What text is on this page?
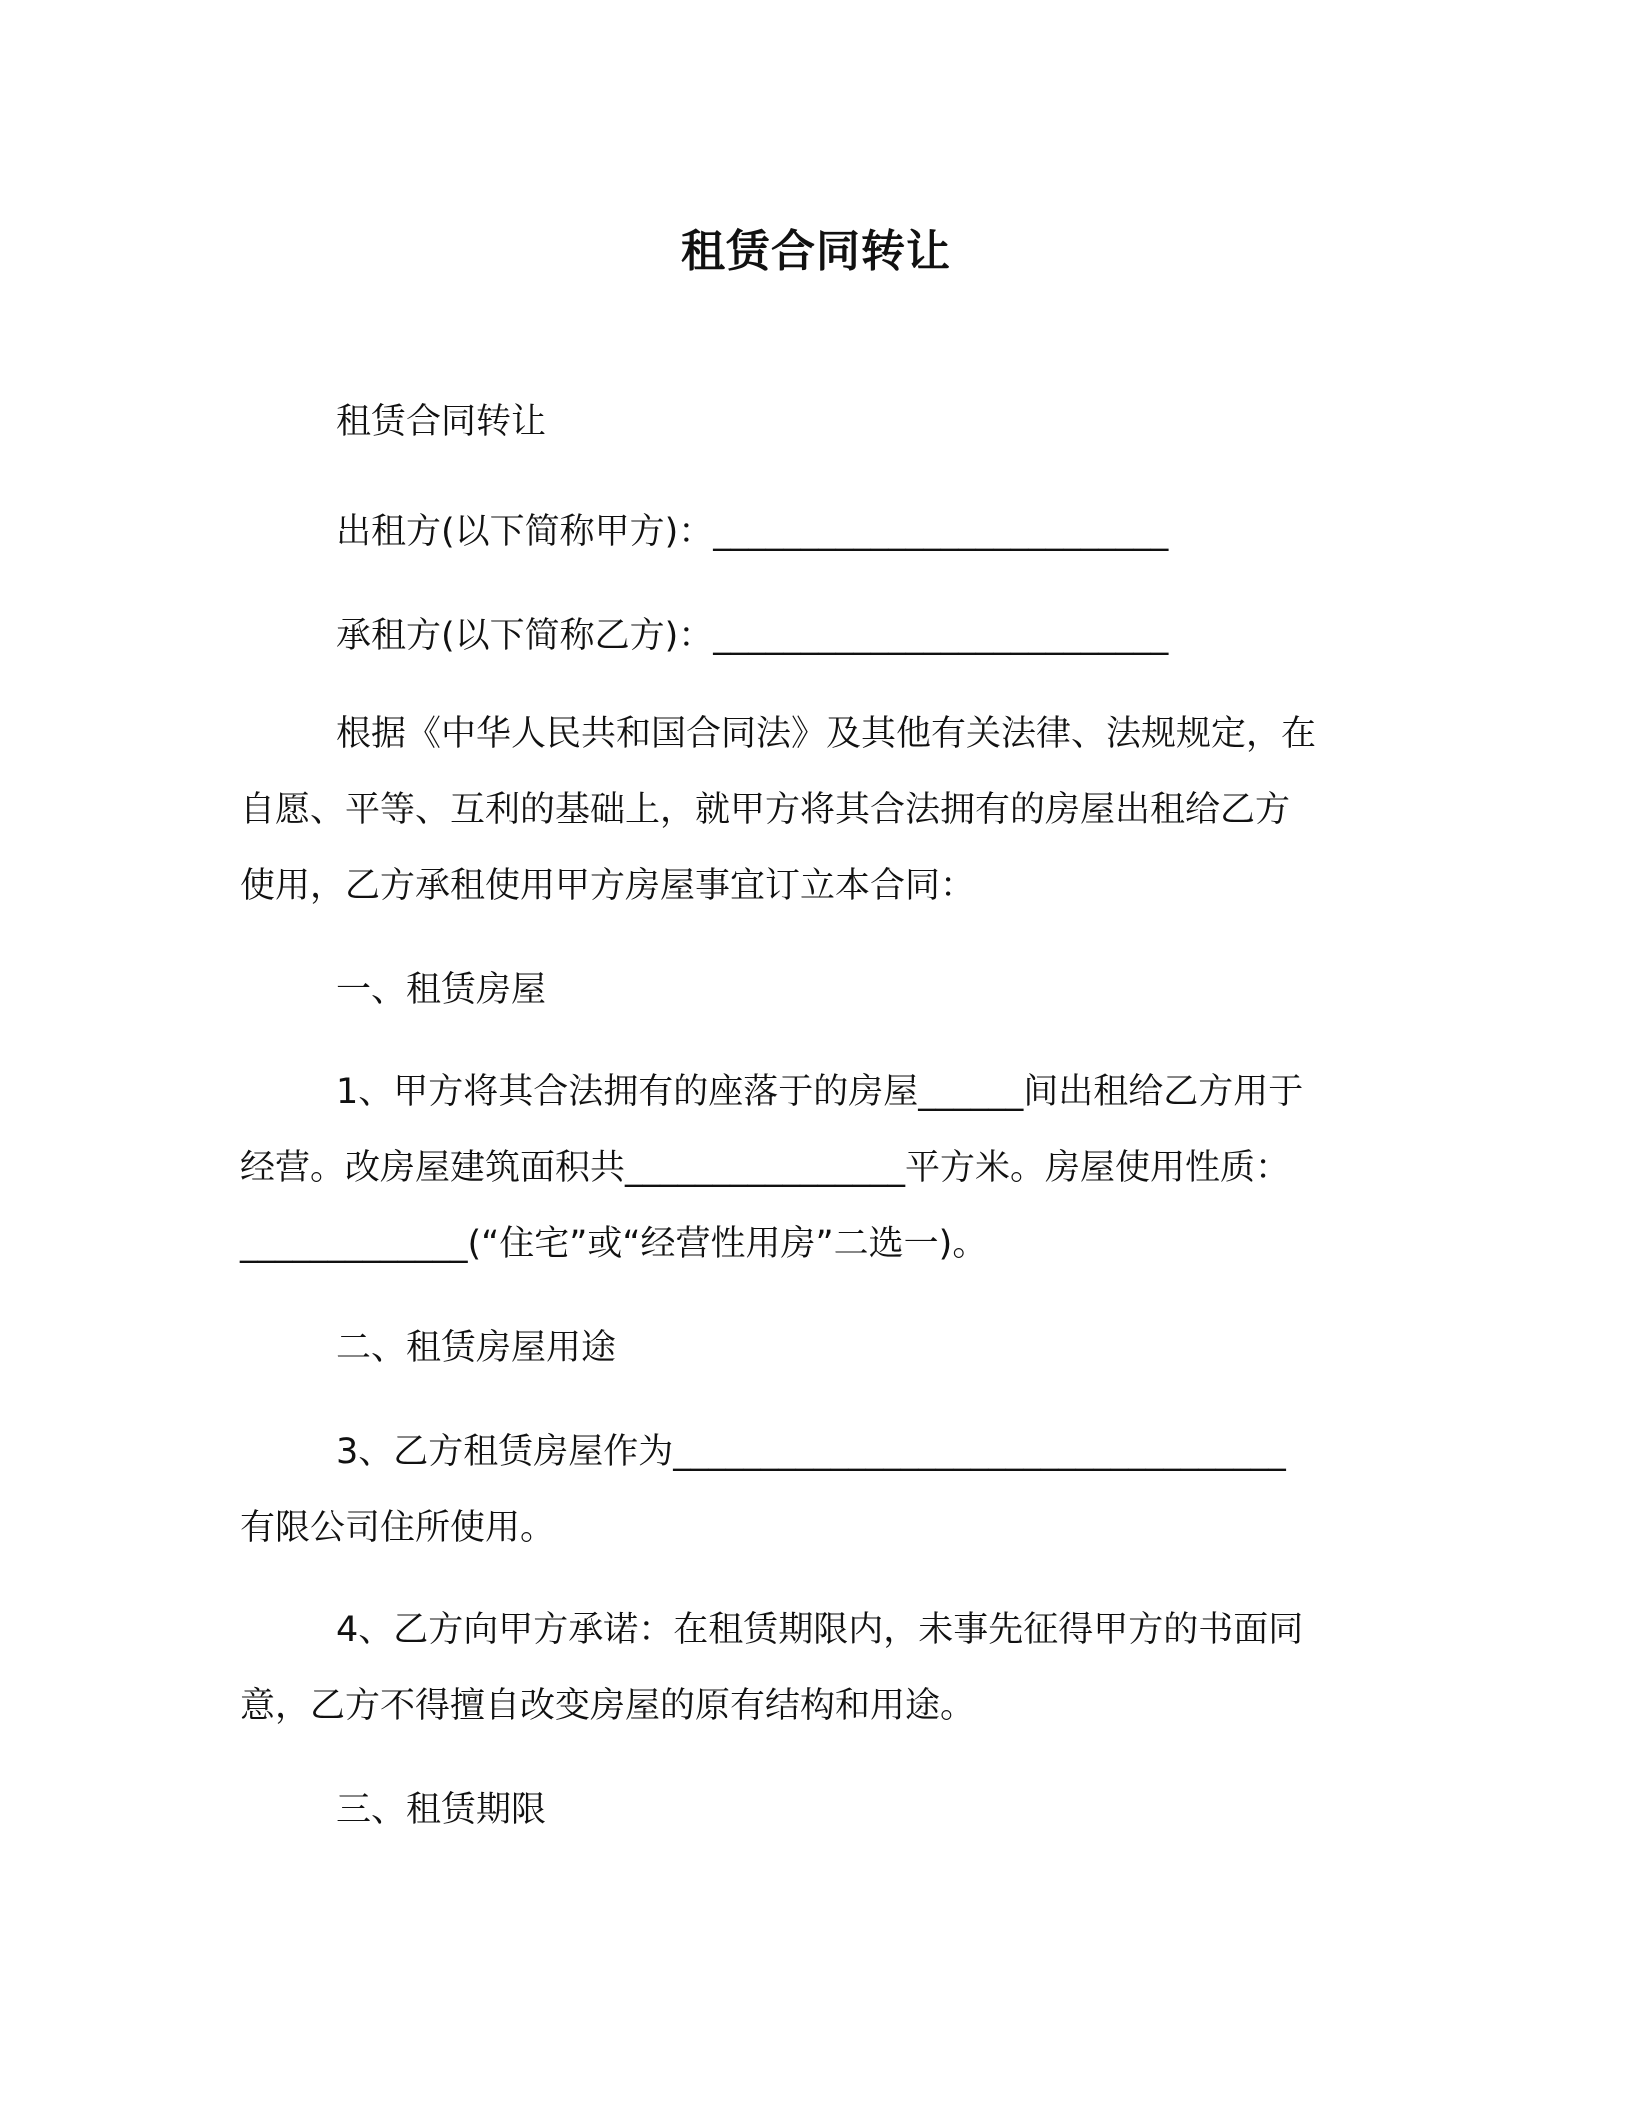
租赁合同转让
租赁合同转让
出租方(以下简称甲方)：__________________________
承租方(以下简称乙方)：__________________________
根据《中华人民共和国合同法》及其他有关法律、法规规定，在
自愿、平等、互利的基础上，就甲方将其合法拥有的房屋出租给乙方
使用，乙方承租使用甲方房屋事宜订立本合同：
一、租赁房屋
1、甲方将其合法拥有的座落于的房屋______间出租给乙方用于
经营。改房屋建筑面积共________________平方米。房屋使用性质：
_____________(“住宅”或“经营性用房”二选一)。
二、租赁房屋用途
3、乙方租赁房屋作为___________________________________
有限公司住所使用。
4、乙方向甲方承诺：在租赁期限内，未事先征得甲方的书面同
意，乙方不得擅自改变房屋的原有结构和用途。
三、租赁期限
